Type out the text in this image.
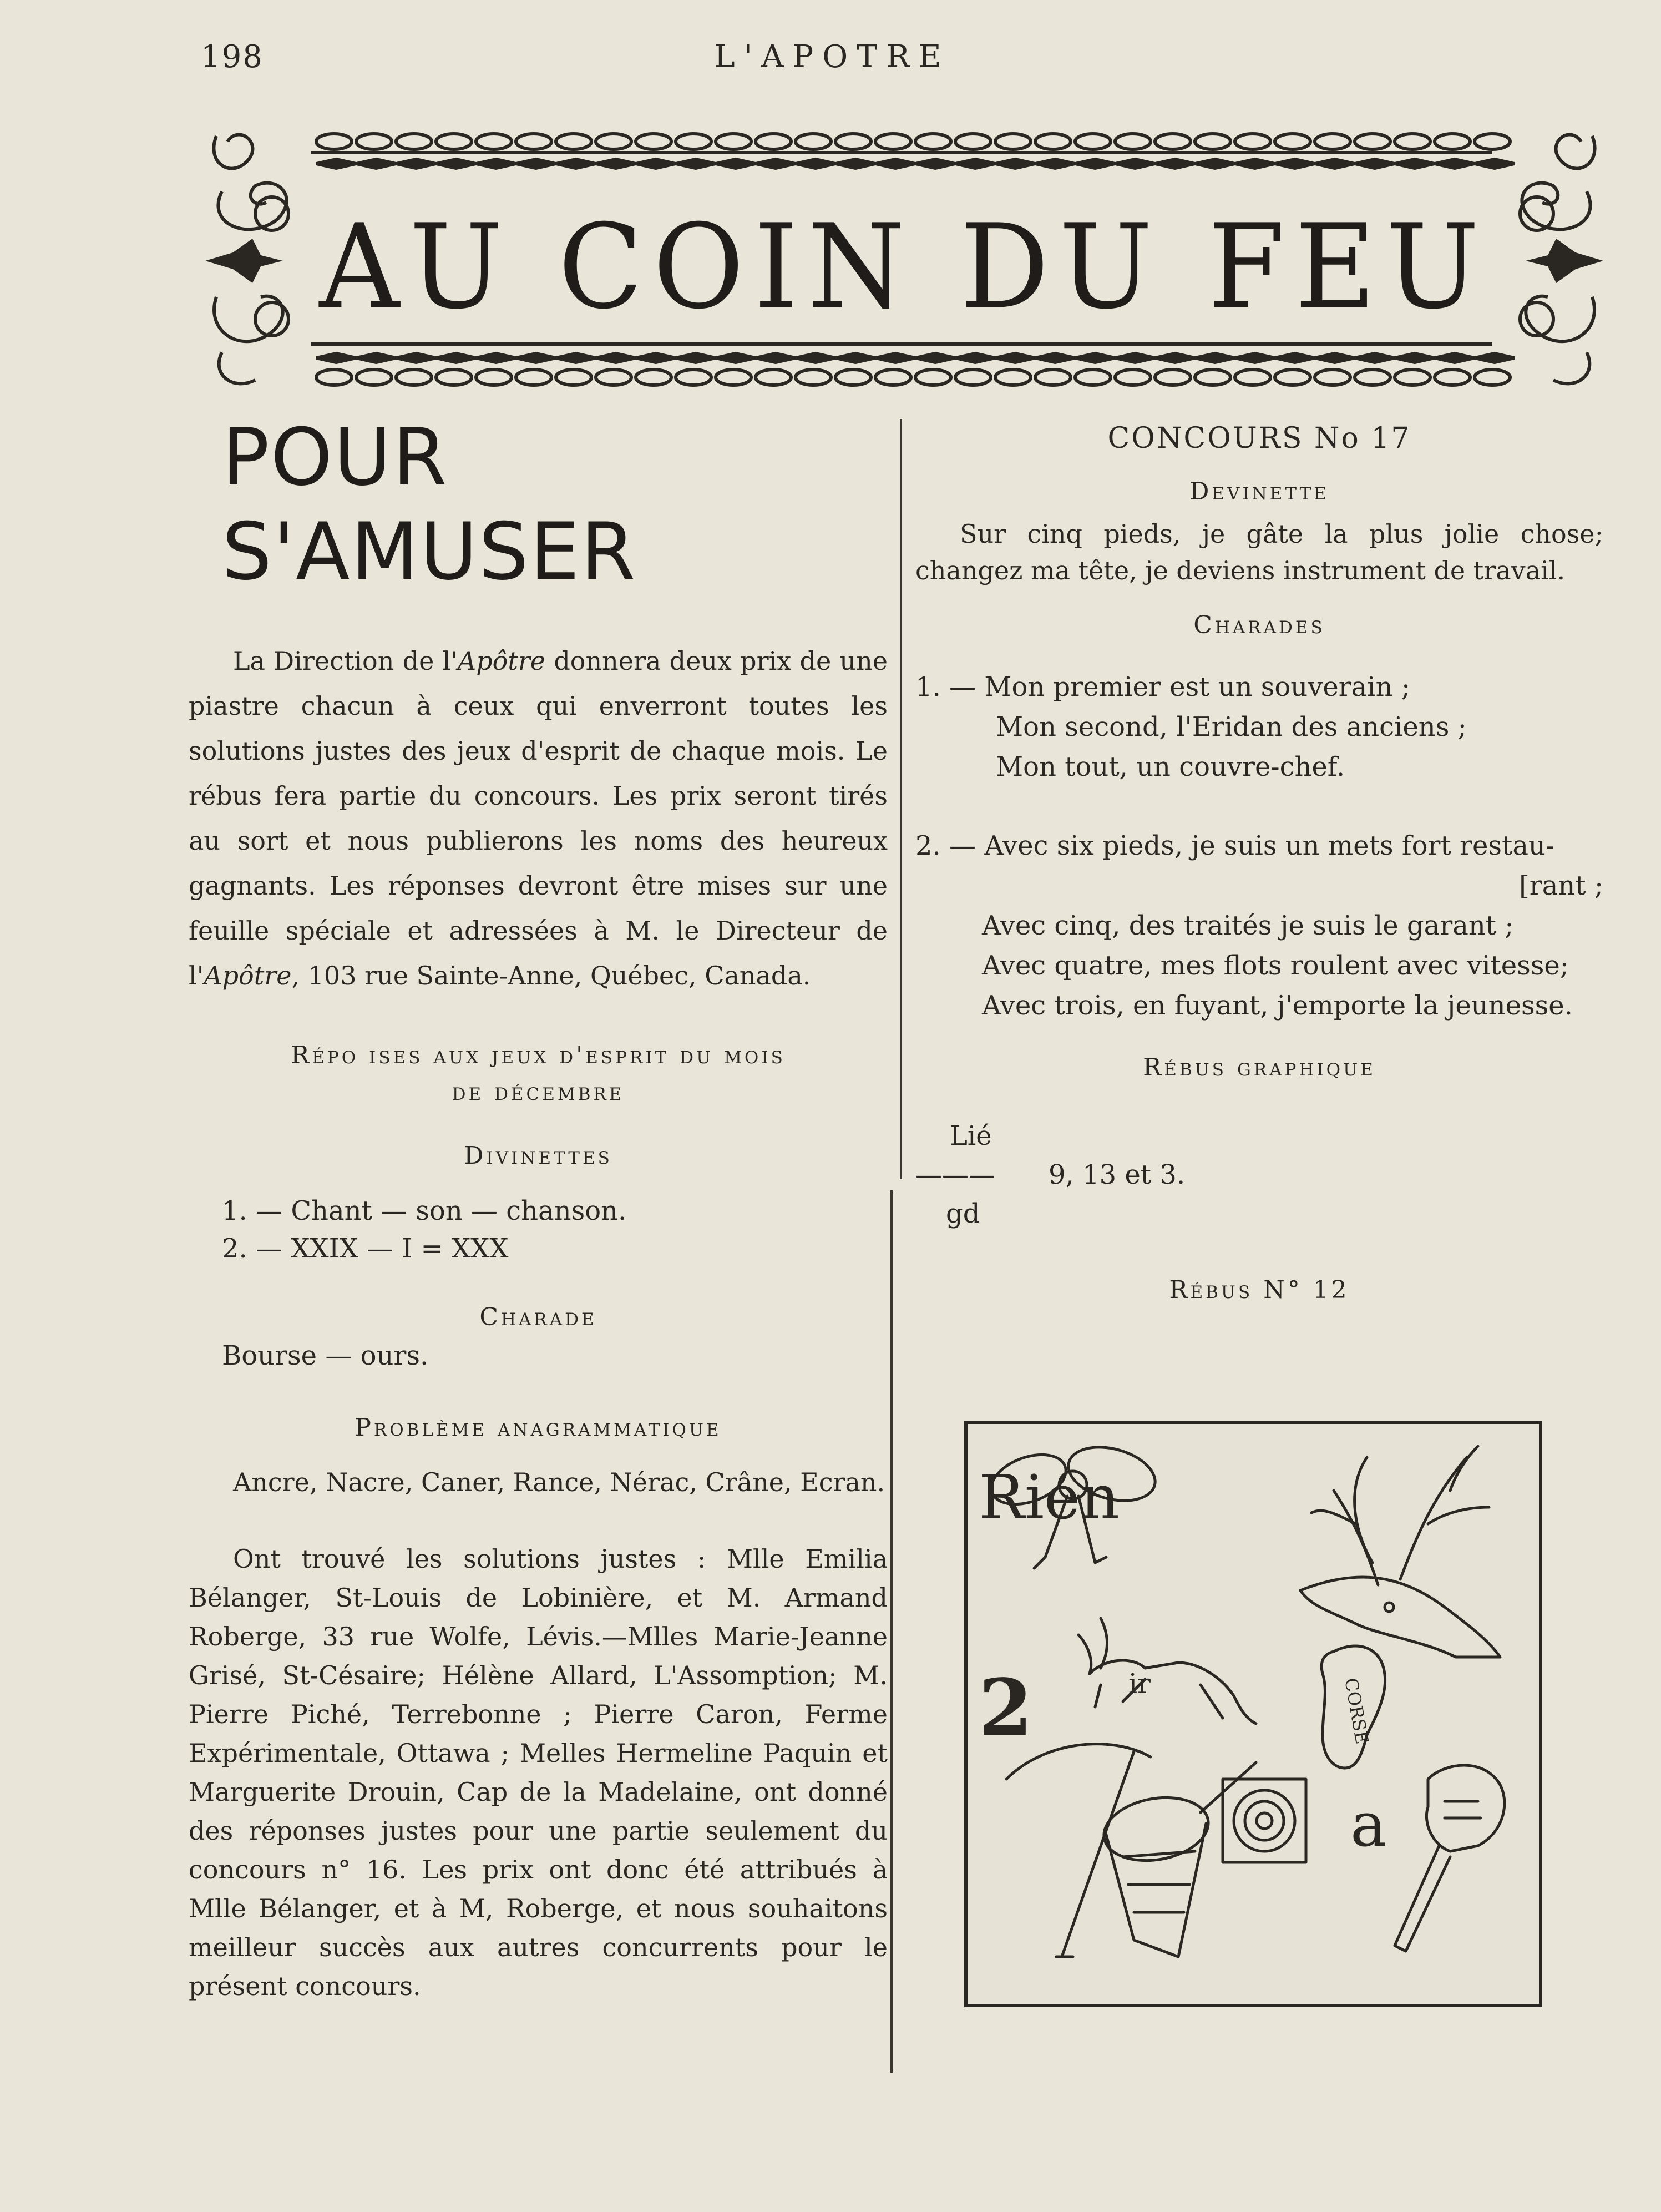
198	L'APOTRE
AU COIN DU FEU
POUR S'AMUSER

La Direction de l'Apôtre donnera deux prix de une piastre chacun à ceux qui enverront toutes les solutions justes des jeux d'esprit de chaque mois. Le rébus fera partie du concours. Les prix seront tirés au sort et nous publierons les noms des heureux gagnants. Les réponses devront être mises sur une feuille spéciale et adressées à M. le Directeur de l'Apôtre, 103 rue Sainte-Anne, Québec, Canada.

Répo ises aux jeux d'esprit du mois
de décembre

Divinettes

1. — Chant — son — chanson.

2. — XXIX — I = XXX

Charade

Bourse — ours.

Problème anagrammatique

Ancre, Nacre, Caner, Rance, Nérac, Crâne, Ecran.

Ont trouvé les solutions justes : Mlle Emilia Bélanger, St-Louis de Lobinière, et M. Armand Roberge, 33 rue Wolfe, Lévis.—Mlles Marie-Jeanne Grisé, St-Césaire; Hélène Allard, L'Assomption; M. Pierre Piché, Terrebonne ; Pierre Caron, Ferme Expérimentale, Ottawa ; Melles Hermeline Paquin et Marguerite Drouin, Cap de la Madelaine, ont donné des réponses justes pour une partie seulement du concours n° 16. Les prix ont donc été attribués à Mlle Bélanger, et à M, Roberge, et nous souhaitons meilleur succès aux autres concurrents pour le présent concours.

CONCOURS No 17

Devinette

Sur cinq pieds, je gâte la plus jolie chose; changez ma tête, je deviens instrument de travail.

Charades

1. — Mon premier est un souverain ;

Mon second, l'Eridan des anciens ;

Mon tout, un couvre-chef.

2. — Avec six pieds, je suis un mets fort restau-

[rant ;

Avec cinq, des traités je suis le garant ;

Avec quatre, mes flots roulent avec vitesse;

Avec trois, en fuyant, j'emporte la jeunesse.

Rébus graphique

Lié
——— 9, 13 et 3.
gd

Rébus N° 12

Rien
2	ir	CORSE
a
